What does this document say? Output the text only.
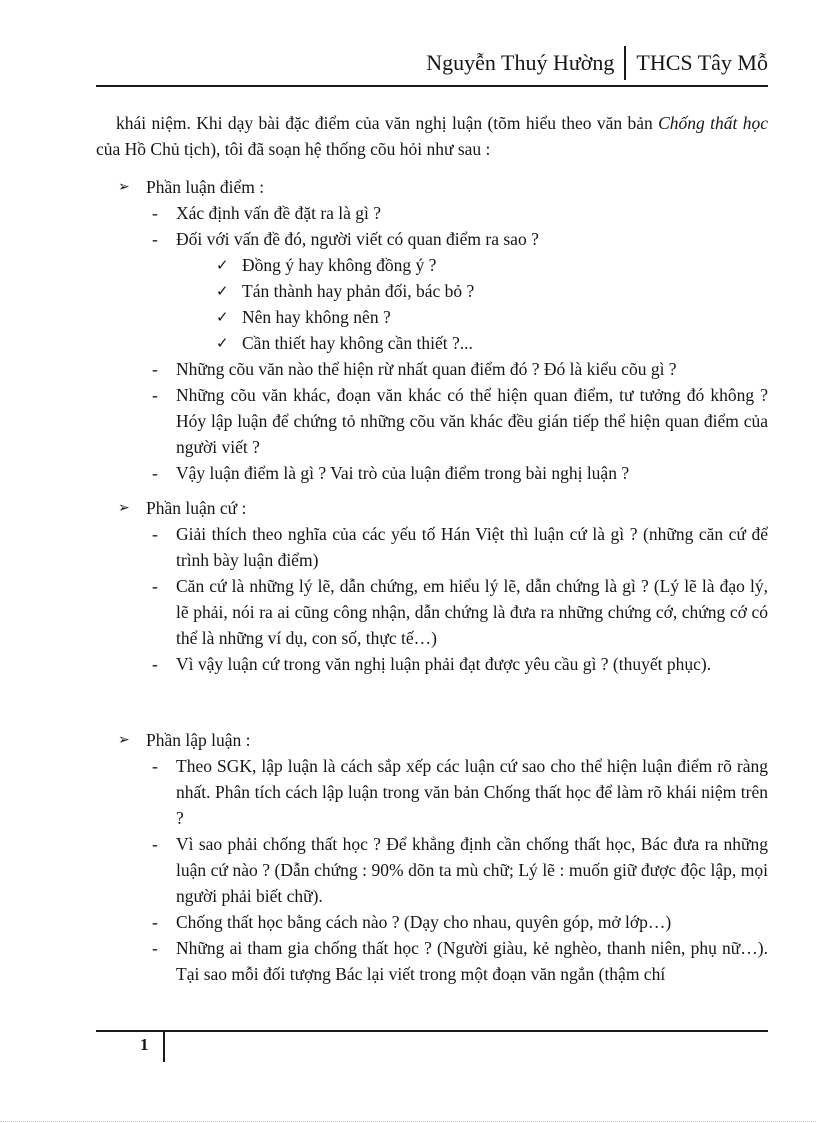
Nguyễn Thuý Hường	THCS Tây Mỗ

khái niệm. Khi dạy bài đặc điểm của văn nghị luận (tõm hiểu theo văn bản Chống thất học của Hồ Chủ tịch), tôi đã soạn hệ thống cõu hỏi như sau :

➢ Phần luận điểm :
-	Xác định vấn đề đặt ra là gì ?
-	Đối với vấn đề đó, người viết có quan điểm ra sao ?
✓ Đồng ý hay không đồng ý ?
✓ Tán thành hay phản đối, bác bỏ ?
✓ Nên hay không nên ?
✓ Cần thiết hay không cần thiết ?...
-	Những cõu văn nào thể hiện rừ nhất quan điểm đó ? Đó là kiểu cõu gì ?
-	Những cõu văn khác, đoạn văn khác có thể hiện quan điểm, tư tưởng đó không ? Hóy lập luận để chứng tỏ những cõu văn khác đều gián tiếp thể hiện quan điểm của người viết ?
-	Vậy luận điểm là gì ? Vai trò của luận điểm trong bài nghị luận ?
➢ Phần luận cứ :
-	Giải thích theo nghĩa của các yếu tố Hán Việt thì luận cứ là gì ? (những căn cứ để trình bày luận điểm)
-	Căn cứ là những lý lẽ, dẫn chứng, em hiểu lý lẽ, dẫn chứng là gì ? (Lý lẽ là đạo lý, lẽ phải, nói ra ai cũng công nhận, dẫn chứng là đưa ra những chứng cớ, chứng cớ có thể là những ví dụ, con số, thực tế…)
-	Vì vậy luận cứ trong văn nghị luận phải đạt được yêu cầu gì ? (thuyết phục).
➢ Phần lập luận :
-	Theo SGK, lập luận là cách sắp xếp các luận cứ sao cho thể hiện luận điểm rõ ràng nhất. Phân tích cách lập luận trong văn bản Chống thất học để làm rõ khái niệm trên ?
-	Vì sao phải chống thất học ? Để khẳng định cần chống thất học, Bác đưa ra những luận cứ nào ? (Dẫn chứng : 90% dõn ta mù chữ; Lý lẽ : muốn giữ được độc lập, mọi người phải biết chữ).
-	Chống thất học bằng cách nào ? (Dạy cho nhau, quyên góp, mở lớp…)
-	Những ai tham gia chống thất học ? (Người giàu, kẻ nghèo, thanh niên, phụ nữ…). Tại sao mỗi đối tượng Bác lại viết trong một đoạn văn ngắn (thậm chí
1
